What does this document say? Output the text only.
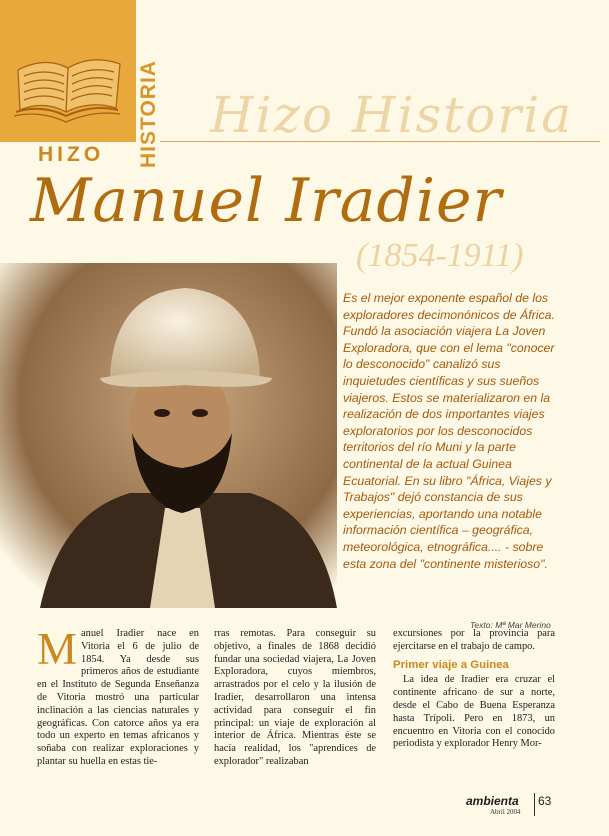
HIZO HISTORIA Hizo Historia
Manuel Iradier
(1854-1911)
Es el mejor exponente español de los exploradores decimonónicos de África. Fundó la asociación viajera La Joven Exploradora, que con el lema "conocer lo desconocido" canalizó sus inquietudes científicas y sus sueños viajeros. Estos se materializaron en la realización de dos importantes viajes exploratorios por los desconocidos territorios del río Muni y la parte continental de la actual Guinea Ecuatorial. En su libro "África, Viajes y Trabajos" dejó constancia de sus experiencias, aportando una notable información científica – geográfica, meteorológica, etnográfica.... - sobre esta zona del "continente misterioso".
Texto: Mª Mar Merino
Manuel Iradier nace en Vitoria el 6 de julio de 1854. Ya desde sus primeros años de estudiante en el Instituto de Segunda Enseñanza de Vitoria mostró una particular inclinación a las ciencias naturales y geográficas. Con catorce años ya era todo un experto en temas africanos y soñaba con realizar exploraciones y plantar su huella en estas tie-
rras remotas. Para conseguir su objetivo, a finales de 1868 decidió fundar una sociedad viajera, La Joven Exploradora, cuyos miembros, arrastrados por el celo y la ilusión de Iradier, desarrollaron una intensa actividad para conseguir el fin principal: un viaje de exploración al interior de África. Mientras éste se hacía realidad, los "aprendices de explorador" realizaban
excursiones por la provincia para ejercitarse en el trabajo de campo.
Primer viaje a Guinea
La idea de Iradier era cruzar el continente africano de sur a norte, desde el Cabo de Buena Esperanza hasta Trípoli. Pero en 1873, un encuentro en Vitoria con el conocido periodista y explorador Henry Mor-
ambienta
Abril 2004
63
